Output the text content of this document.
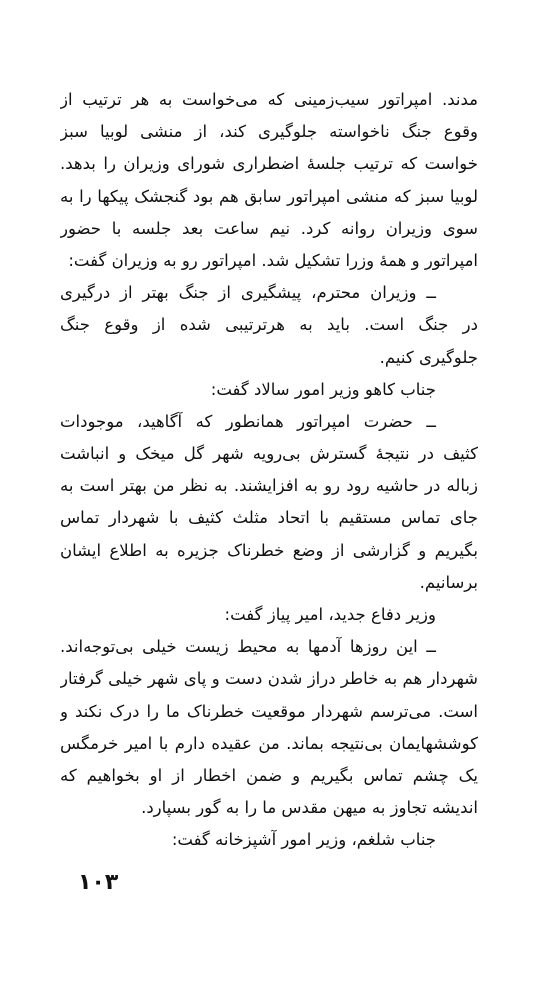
مدند. امپراتور سیب‌زمینی که می‌خواست به هر ترتیب از
وقوع جنگ ناخواسته جلوگیری کند، از منشی لوبیا سبز
خواست که ترتیب جلسهٔ اضطراری شورای وزیران را بدهد.
لوبیا سبز که منشی امپراتور سابق هم بود گنجشک پیکها را به
سوی وزیران روانه کرد. نیم ساعت بعد جلسه با حضور
امپراتور و همهٔ وزرا تشکیل شد. امپراتور رو به وزیران گفت:
ــ وزیران محترم، پیشگیری از جنگ بهتر از درگیری
در جنگ است. باید به هرترتیبی شده از وقوع جنگ
جلوگیری کنیم.
جناب کاهو وزیر امور سالاد گفت:
ــ حضرت امپراتور همانطور که آگاهید، موجودات
کثیف در نتیجهٔ گسترش بی‌رویه شهر گل میخک و انباشت
زباله در حاشیه رود رو به افزایشند. به نظر من بهتر است به
جای تماس مستقیم با اتحاد مثلث کثیف با شهردار تماس
بگیریم و گزارشی از وضع خطرناک جزیره به اطلاع ایشان
برسانیم.
وزیر دفاع جدید، امیر پیاز گفت:
ــ این روزها آدمها به محیط زیست خیلی بی‌توجه‌اند.
شهردار هم به خاطر دراز شدن دست و پای شهر خیلی گرفتار
است. می‌ترسم شهردار موقعیت خطرناک ما را درک نکند و
کوششهایمان بی‌نتیجه بماند. من عقیده دارم با امیر خرمگس
یک چشم تماس بگیریم و ضمن اخطار از او بخواهیم که
اندیشه تجاوز به میهن مقدس ما را به گور بسپارد.
جناب شلغم، وزیر امور آشپزخانه گفت:
۱۰۳
